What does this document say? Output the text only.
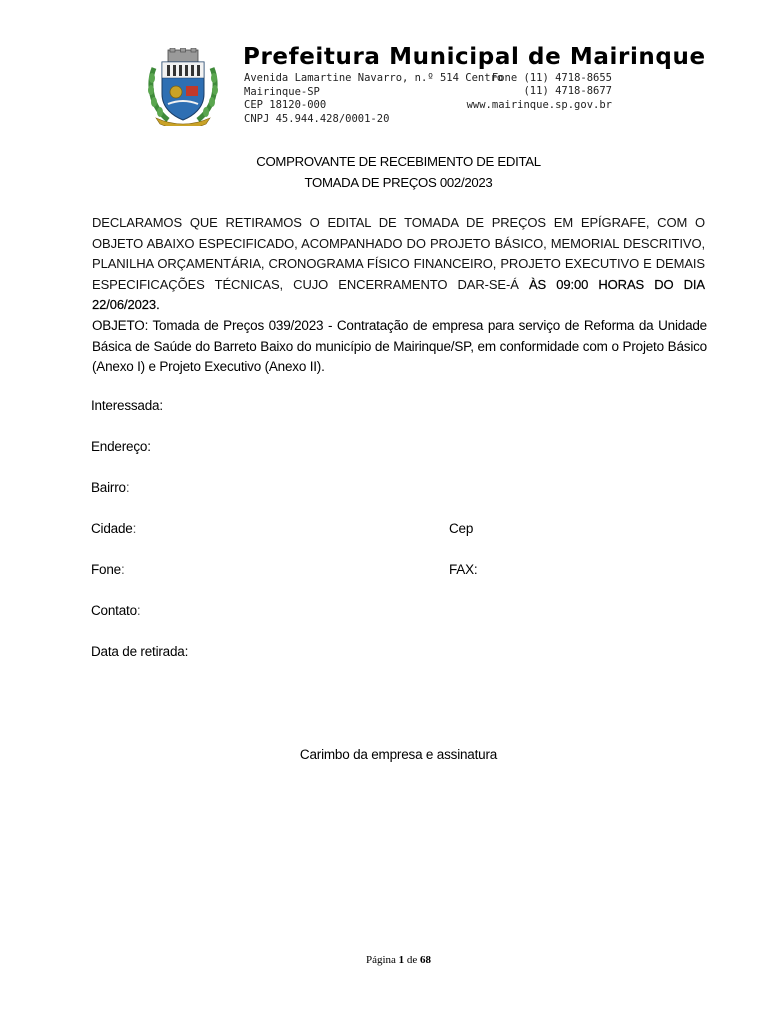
Prefeitura Municipal de Mairinque
Avenida Lamartine Navarro, n.º 514 Centro
Mairinque-SP
CEP 18120-000
CNPJ 45.944.428/0001-20
Fone (11) 4718-8655
(11) 4718-8677
www.mairinque.sp.gov.br
COMPROVANTE DE RECEBIMENTO DE EDITAL
TOMADA DE PREÇOS 002/2023
DECLARAMOS QUE RETIRAMOS O EDITAL DE TOMADA DE PREÇOS EM EPÍGRAFE, COM O OBJETO ABAIXO ESPECIFICADO, ACOMPANHADO DO PROJETO BÁSICO, MEMORIAL DESCRITIVO, PLANILHA ORÇAMENTÁRIA, CRONOGRAMA FÍSICO FINANCEIRO, PROJETO EXECUTIVO E DEMAIS ESPECIFICAÇÕES TÉCNICAS, CUJO ENCERRAMENTO DAR-SE-Á ÀS 09:00 HORAS DO DIA 22/06/2023.
OBJETO: Tomada de Preços 039/2023 - Contratação de empresa para serviço de Reforma da Unidade Básica de Saúde do Barreto Baixo do município de Mairinque/SP, em conformidade com o Projeto Básico (Anexo I) e Projeto Executivo (Anexo II).
Interessada:
Endereço:
Bairro:
Cidade:	Cep
Fone:	FAX:
Contato:
Data de retirada:
Carimbo da empresa e assinatura
Página 1 de 68
